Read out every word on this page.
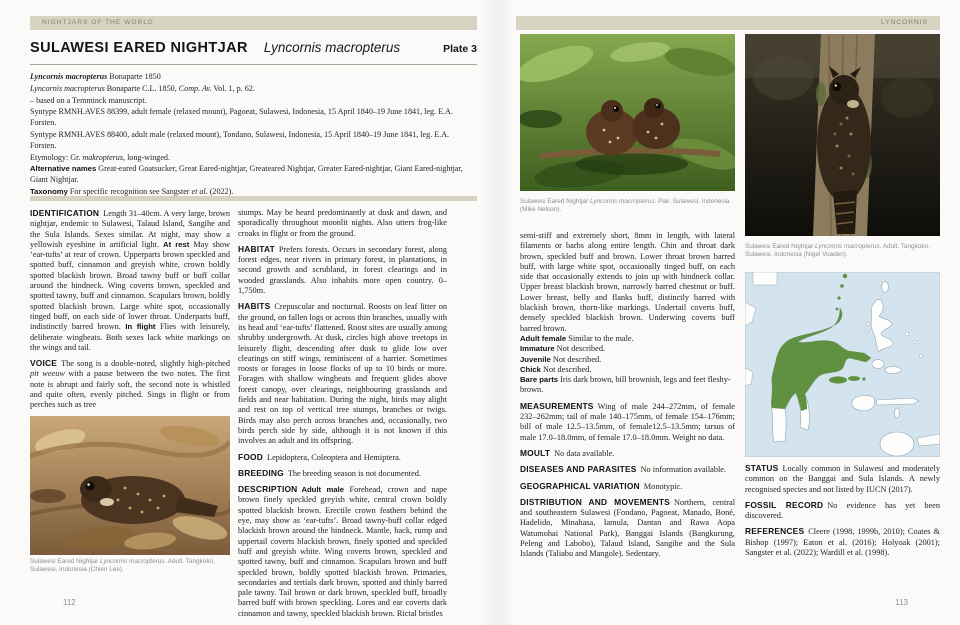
NIGHTJARS OF THE WORLD
SULAWESI EARED NIGHTJAR Lyncornis macropterus	Plate 3

Lyncornis macropterus Bonaparte 1850

Lyncornis macropterus Bonaparte C.L. 1850, Comp. Av. Vol. 1, p. 62.

– based on a Temminck manuscript.

Syntype RMNH.AVES 88399, adult female (relaxed mount), Pagoeat, Sulawesi, Indonesia, 15 April 1840–19 June 1841, leg. E.A. Forsten.

Syntype RMNH.AVES 88400, adult male (relaxed mount), Tondano, Sulawesi, Indonesia, 15 April 1840–19 June 1841, leg. E.A. Forsten.

Etymology: Gr. makropterus, long-winged.

Alternative names Great-eared Goatsucker, Great Eared-nightjar, Greateared Nightjar, Greater Eared-nightjar, Giant Eared-nightjar, Giant Nightjar.

Taxonomy For specific recognition see Sangster et al. (2022).

IDENTIFICATION Length 31–40cm. A very large, brown nightjar, endemic to Sulawesi, Talaud Island, Sangihe and the Sula Islands. Sexes similar. At night, may show a yellowish eyeshine in artificial light. At rest May show ‘ear-tufts’ at rear of crown. Upperparts brown speckled and spotted buff, cinnamon and greyish white, crown boldly spotted blackish brown. Broad tawny buff or buff collar around the hindneck. Wing coverts brown, speckled and spotted tawny, buff and cinnamon. Scapulars brown, boldly spotted blackish brown. Large white spot, occasionally tinged buff, on each side of lower throat. Underparts buff, indistinctly barred brown. In flight Flies with leisurely, deliberate wingbeats. Both sexes lack white markings on the wings and tail.

VOICE The song is a double-noted, slightly high-pitched pit weeuw with a pause between the two notes. The first note is abrupt and fairly soft, the second note is whistled and quite often, evenly pitched. Sings in flight or from perches such as tree

Sulawesi Eared Nightjar Lyncornis macropterus. Adult. Tangkoko, Sulawesi, Indonesia (Chien Lee).

stumps. May be heard predominantly at dusk and dawn, and sporadically throughout moonlit nights. Also utters frog-like croaks in flight or from the ground.

HABITAT Prefers forests. Occurs in secondary forest, along forest edges, near rivers in primary forest, in plantations, in second growth and scrubland, in forest clearings and in wooded grasslands. Also inhabits more open country. 0–1,750m.

HABITS Crepuscular and nocturnal. Roosts on leaf litter on the ground, on fallen logs or across thin branches, usually with its head and ‘ear-tufts’ flattened. Roost sites are usually among shrubby undergrowth. At dusk, circles high above treetops in leisurely flight, descending after dusk to glide low over clearings on stiff wings, reminiscent of a harrier. Sometimes roosts or forages in loose flocks of up to 10 birds or more. Forages with shallow wingbeats and frequent glides above forest canopy, over clearings, neighbouring grasslands and fields and near habitation. During the night, birds may alight and rest on top of vertical tree stumps, branches or twigs. Birds may also perch across branches and, occasionally, two birds perch side by side, although it is not known if this involves an adult and its offspring.

FOOD Lepidoptera, Coleoptera and Hemiptera.

BREEDING The breeding season is not documented.

DESCRIPTION Adult male Forehead, crown and nape brown finely speckled greyish white, central crown boldly spotted blackish brown. Erectile crown feathers behind the eye, may show as ‘ear-tufts’. Broad tawny-buff collar edged blackish brown around the hindneck. Mantle, back, rump and uppertail coverts blackish brown, finely spotted and speckled buff and greyish white. Wing coverts brown, speckled and spotted tawny, buff and cinnamon. Scapulars brown and buff speckled brown, boldly spotted blackish brown. Primaries, secondaries and tertials dark brown, spotted and thinly barred pale tawny. Tail brown or dark brown, speckled buff, broadly barred buff with brown speckling. Lores and ear coverts dark cinnamon and tawny, speckled blackish brown. Rictal bristles

112
LYNCORNIS
Sulawesi Eared Nightjar Lyncornis macropterus. Pair. Sulawesi, Indonesia (Mike Nelson).
Sulawesi Eared Nightjar Lyncornis macropterus. Adult. Tangkoko, Sulawesi, Indonesia (Nigel Voaden).

semi-stiff and extremely short, 8mm in length, with lateral filaments or barbs along entire length. Chin and throat dark brown, speckled buff and brown. Lower throat brown barred buff, with large white spot, occasionally tinged buff, on each side that occasionally extends to join up with hindneck collar. Upper breast blackish brown, narrowly barred chestnut or buff. Lower breast, belly and flanks buff, distinctly barred with blackish brown, thorn-like markings. Undertail coverts buff, densely speckled blackish brown. Underwing coverts buff barred brown.

Adult female Similar to the male.
Immature Not described.
Juvenile Not described.
Chick Not described.
Bare parts Iris dark brown, bill brownish, legs and feet fleshy-brown.

MEASUREMENTS Wing of male 244–272mm, of female 232–262mm; tail of male 140–175mm, of female 154–176mm; bill of male 12.5–13.5mm, of female12.5–13.5mm; tarsus of male 17.0–18.0mm, of female 17.0–18.0mm. Weight no data.

MOULT No data available.

DISEASES AND PARASITES No information available.

GEOGRAPHICAL VARIATION Monotypic.

DISTRIBUTION AND MOVEMENTS Northern, central and southeastern Sulawesi (Fondano, Pagoeat, Manado, Boné, Hadelido, Minahasa, Iamula, Dantan and Rawa Aopa Watumohai National Park), Banggai Islands (Bangkurung, Peleng and Labobo), Talaud Island, Sangihe and the Sula Islands (Taliabu and Mangole). Sedentary.

STATUS Locally common in Sulawesi and moderately common on the Banggai and Sula Islands. A newly recognised species and not listed by IUCN (2017).

FOSSIL RECORD No evidence has yet been discovered.

REFERENCES Cleere (1998, 1999b, 2010); Coates & Bishop (1997); Eaton et al. (2016); Holyoak (2001); Sangster et al. (2022); Wardill et al. (1998).

113
